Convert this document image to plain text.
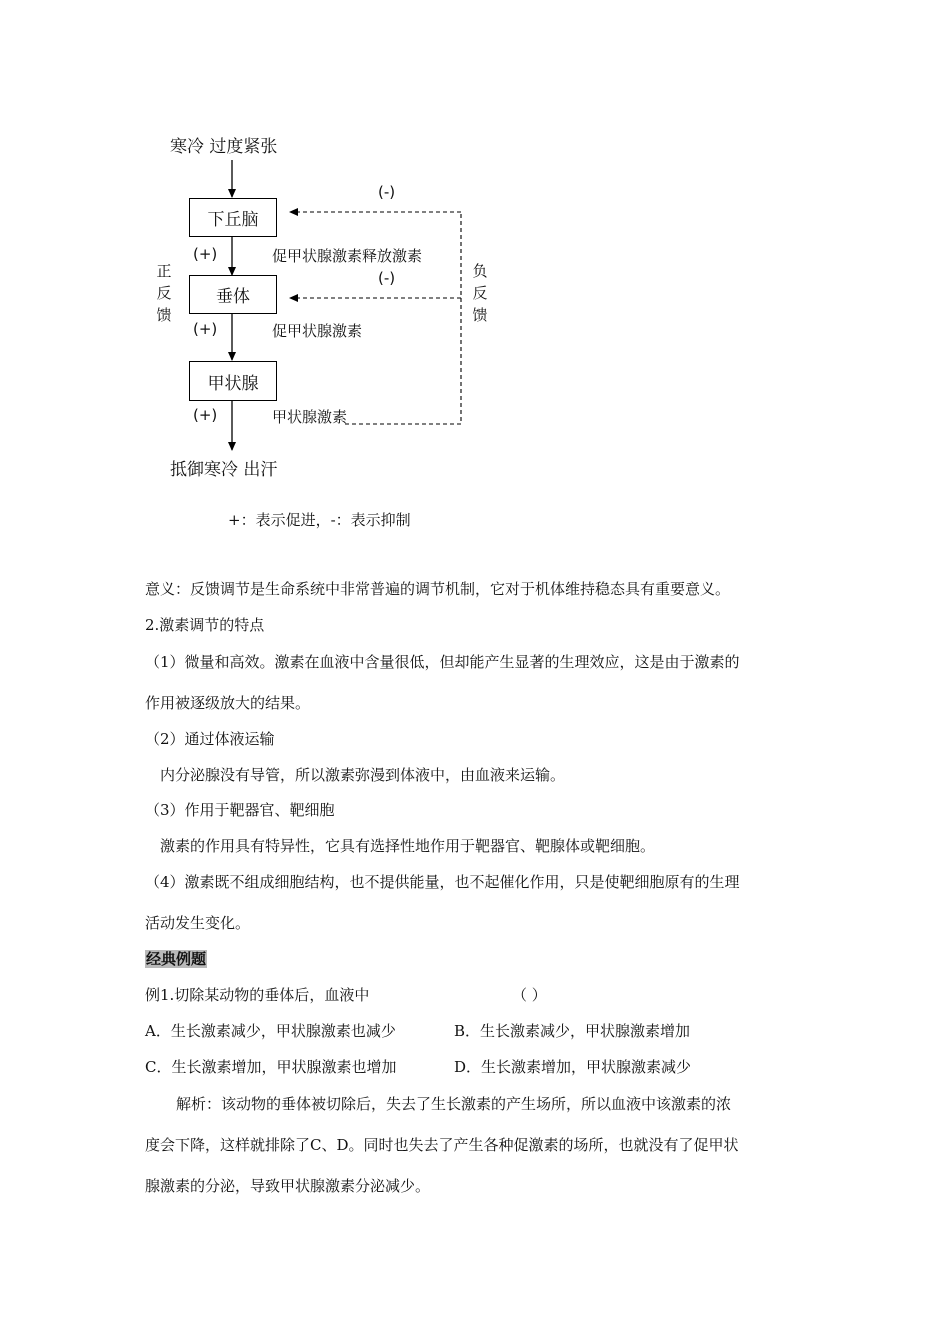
寒冷 过度紧张
下丘脑
垂体
甲状腺
(+)
(+)
(+)
(-)
(-)
促甲状腺激素释放激素
促甲状腺激素
甲状腺激素
正反馈
负反馈
抵御寒冷 出汗
+：表示促进，-：表示抑制
意义：反馈调节是生命系统中非常普遍的调节机制，它对于机体维持稳态具有重要意义。
2.激素调节的特点
（1）微量和高效。激素在血液中含量很低，但却能产生显著的生理效应，这是由于激素的
作用被逐级放大的结果。
（2）通过体液运输
内分泌腺没有导管，所以激素弥漫到体液中，由血液来运输。
（3）作用于靶器官、靶细胞
激素的作用具有特异性，它具有选择性地作用于靶器官、靶腺体或靶细胞。
（4）激素既不组成细胞结构，也不提供能量，也不起催化作用，只是使靶细胞原有的生理
活动发生变化。
经典例题
例1.切除某动物的垂体后，血液中	（ ）
A．生长激素减少，甲状腺激素也减少	B．生长激素减少，甲状腺激素增加
C．生长激素增加，甲状腺激素也增加	D．生长激素增加，甲状腺激素减少
解析：该动物的垂体被切除后，失去了生长激素的产生场所，所以血液中该激素的浓
度会下降，这样就排除了C、D。同时也失去了产生各种促激素的场所，也就没有了促甲状
腺激素的分泌，导致甲状腺激素分泌减少。
